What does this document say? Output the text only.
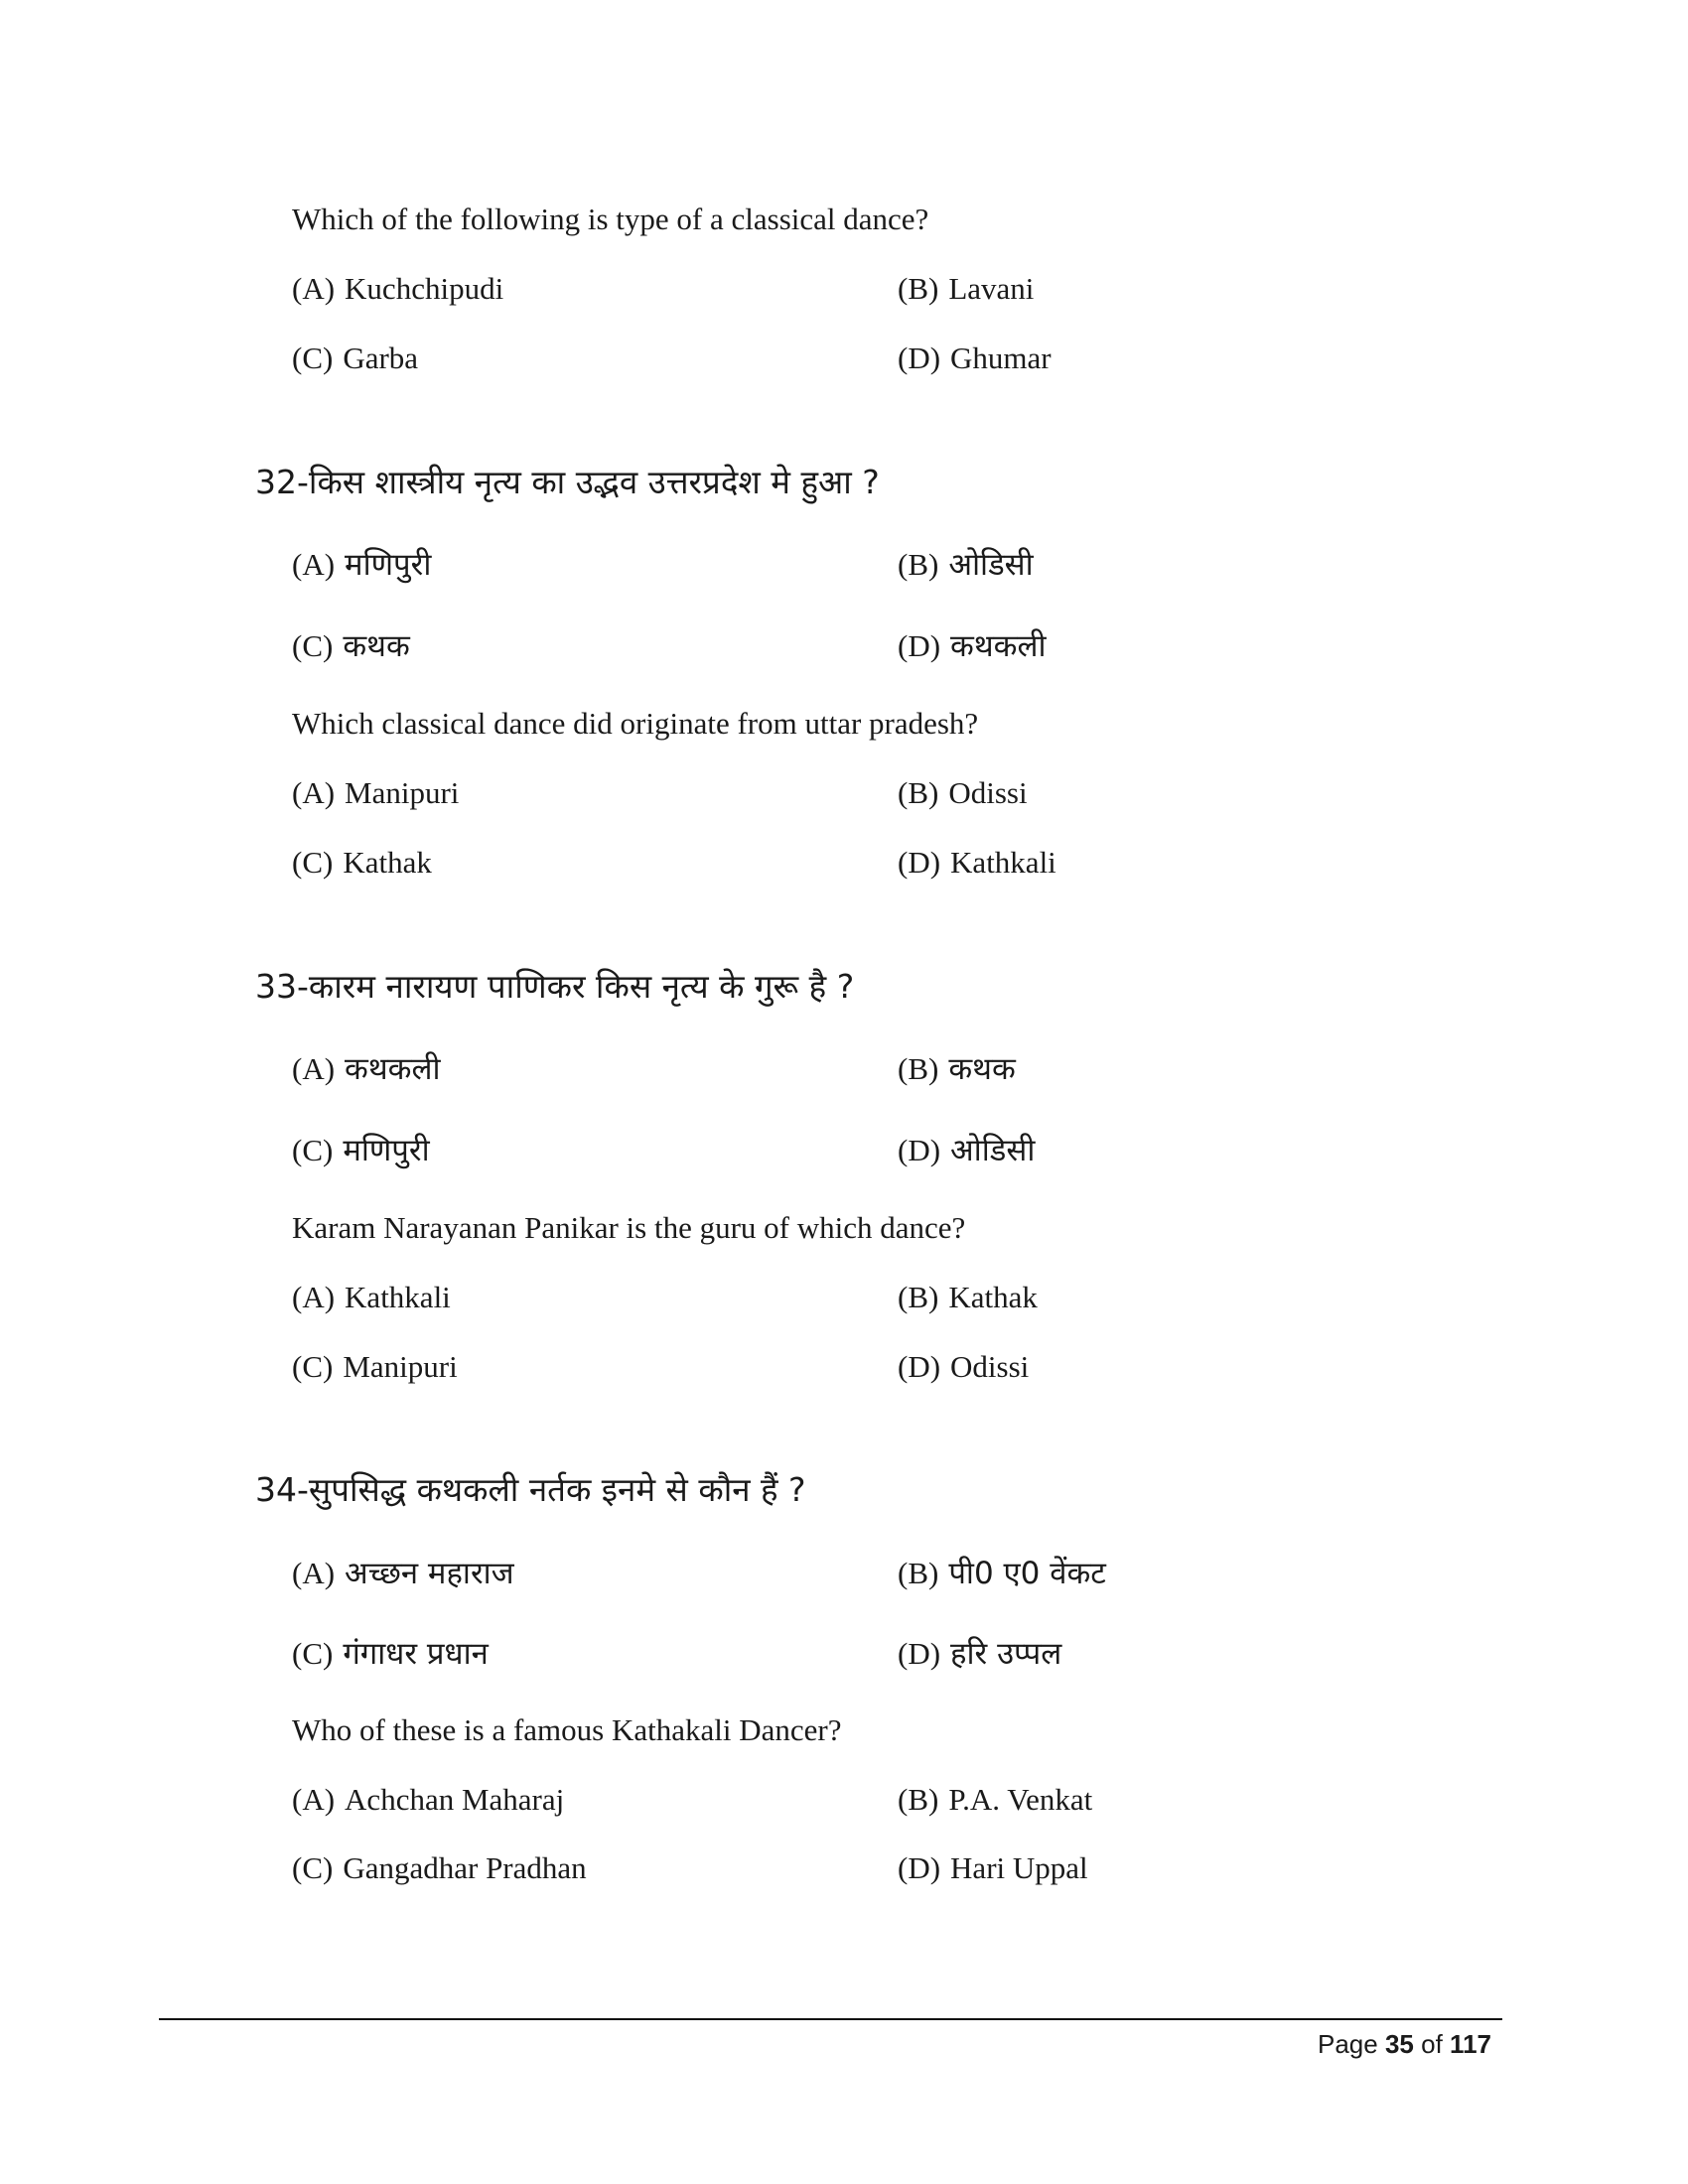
Which of the following is type of a classical dance?
(A) Kuchchipudi	(B) Lavani
(C) Garba	(D) Ghumar
32-किस शास्त्रीय नृत्य का उद्भव उत्तरप्रदेश मे हुआ ?
(A) मणिपुरी	(B) ओडिसी
(C) कथक	(D) कथकली
Which classical dance did originate from uttar pradesh?
(A) Manipuri	(B) Odissi
(C) Kathak	(D) Kathkali
33-कारम नारायण पाणिकर किस नृत्य के गुरू है ?
(A) कथकली	(B) कथक
(C) मणिपुरी	(D) ओडिसी
Karam Narayanan Panikar is the guru of which dance?
(A) Kathkali	(B) Kathak
(C) Manipuri	(D) Odissi
34-सुपसिद्ध कथकली नर्तक इनमे से कौन हैं ?
(A) अच्छन महाराज	(B) पी0 ए0 वेंकट
(C) गंगाधर प्रधान	(D) हरि उप्पल
Who of these is a famous Kathakali Dancer?
(A) Achchan Maharaj	(B) P.A. Venkat
(C) Gangadhar Pradhan	(D) Hari Uppal
Page 35 of 117
